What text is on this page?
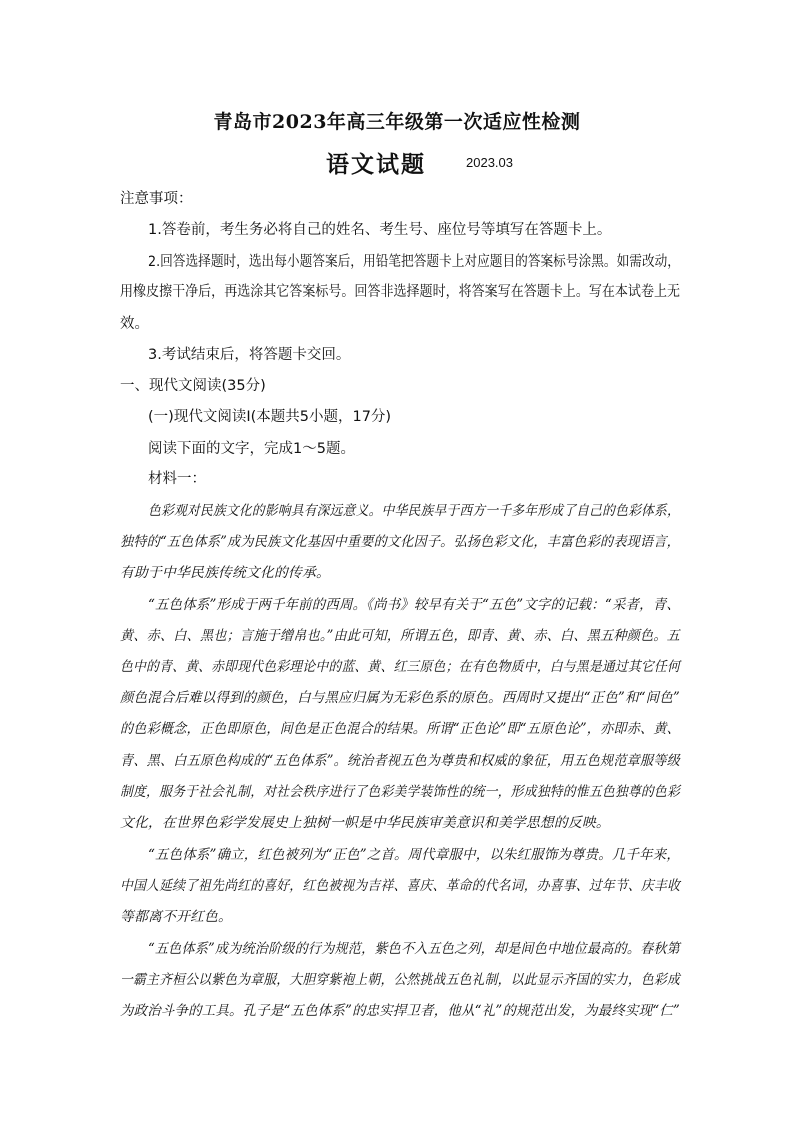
青岛市2023年高三年级第一次适应性检测
语文试题	2023.03
注意事项：
1.答卷前，考生务必将自己的姓名、考生号、座位号等填写在答题卡上。
2.回答选择题时，选出每小题答案后，用铅笔把答题卡上对应题目的答案标号涂黑。如需改动，
用橡皮擦干净后，再选涂其它答案标号。回答非选择题时，将答案写在答题卡上。写在本试卷上无
效。
3.考试结束后，将答题卡交回。
一、现代文阅读(35分)
(一)现代文阅读I(本题共5小题，17分)
阅读下面的文字，完成1～5题。
材料一：
色彩观对民族文化的影响具有深远意义。中华民族早于西方一千多年形成了自己的色彩体系，
独特的“五色体系”成为民族文化基因中重要的文化因子。弘扬色彩文化，丰富色彩的表现语言，
有助于中华民族传统文化的传承。
“五色体系”形成于两千年前的西周。《尚书》较早有关于“五色”文字的记载：“采者，青、
黄、赤、白、黑也；言施于缯帛也。”由此可知，所谓五色，即青、黄、赤、白、黑五种颜色。五
色中的青、黄、赤即现代色彩理论中的蓝、黄、红三原色；在有色物质中，白与黑是通过其它任何
颜色混合后难以得到的颜色，白与黑应归属为无彩色系的原色。西周时又提出“正色”和“间色”
的色彩概念，正色即原色，间色是正色混合的结果。所谓“正色论”即“五原色论”，亦即赤、黄、
青、黑、白五原色构成的“五色体系”。统治者视五色为尊贵和权威的象征，用五色规范章服等级
制度，服务于社会礼制，对社会秩序进行了色彩美学装饰性的统一，形成独特的惟五色独尊的色彩
文化，在世界色彩学发展史上独树一帜是中华民族审美意识和美学思想的反映。
“五色体系”确立，红色被列为“正色”之首。周代章服中，以朱红服饰为尊贵。几千年来，
中国人延续了祖先尚红的喜好，红色被视为吉祥、喜庆、革命的代名词，办喜事、过年节、庆丰收
等都离不开红色。
“五色体系”成为统治阶级的行为规范，紫色不入五色之列，却是间色中地位最高的。春秋第
一霸主齐桓公以紫色为章服，大胆穿紫袍上朝，公然挑战五色礼制，以此显示齐国的实力，色彩成
为政治斗争的工具。孔子是“五色体系”的忠实捍卫者，他从“礼”的规范出发，为最终实现“仁”
